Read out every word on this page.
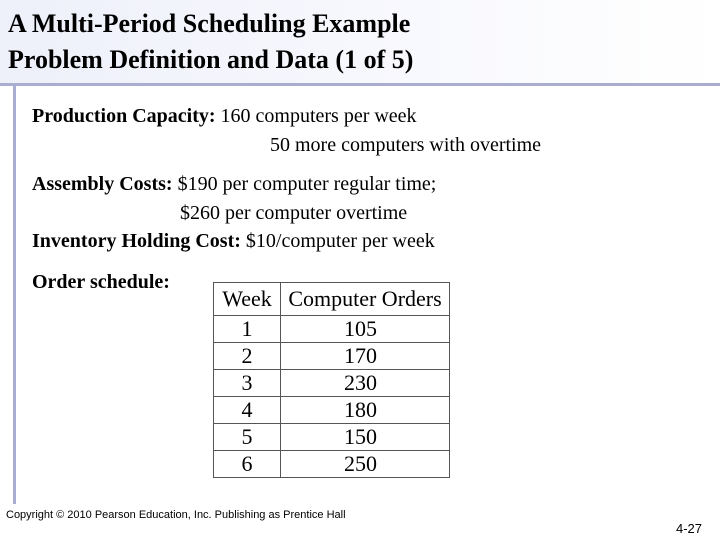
A Multi-Period Scheduling Example
Problem Definition and Data (1 of 5)
Production Capacity: 160 computers per week
50 more computers with overtime
Assembly Costs: $190 per computer regular time;
$260 per computer overtime
Inventory Holding Cost: $10/computer per week
Order schedule:
Week	Computer Orders
1	105
2	170
3	230
4	180
5	150
6	250
Copyright © 2010 Pearson Education, Inc. Publishing as Prentice Hall
4-27
